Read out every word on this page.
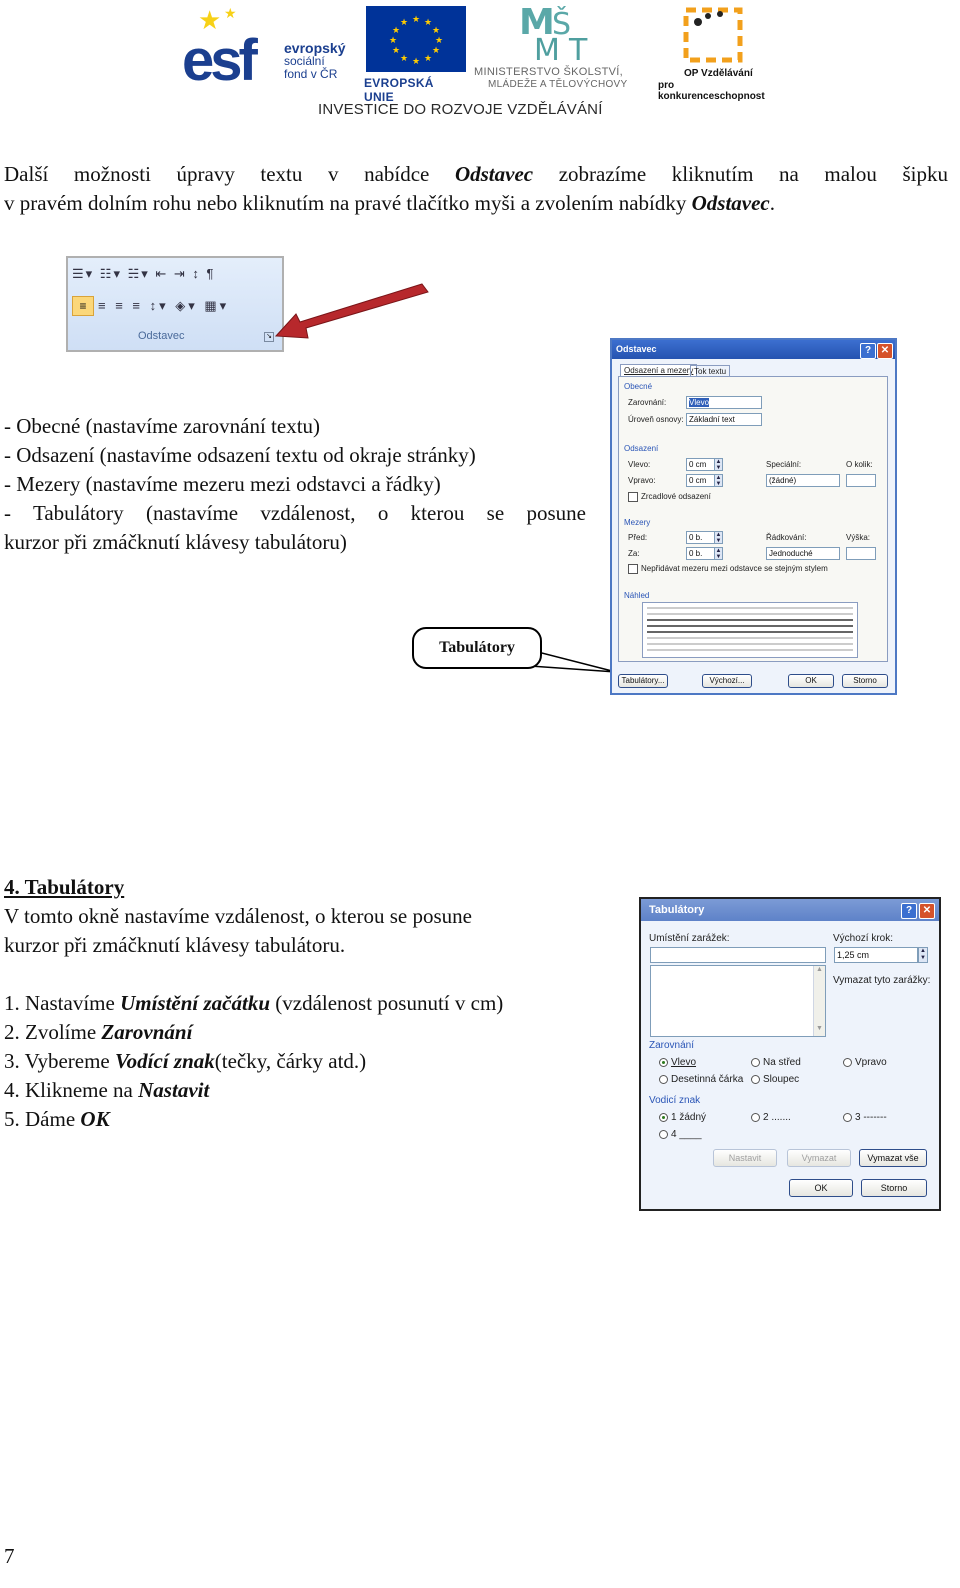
esf
★ ★
evropský
sociální
fond v ČR
★ ★
★
★
★
★
★
★
★
★
★
★
EVROPSKÁ UNIE
M
Š
M T
MINISTERSTVO ŠKOLSTVÍ,
MLÁDEŽE A TĚLOVÝCHOVY
OP Vzdělávání
pro konkurenceschopnost
INVESTICE DO ROZVOJE VZDĚLÁVÁNÍ
Další možnosti úpravy textu v nabídce Odstavec zobrazíme kliknutím na malou šipku
v pravém dolním rohu nebo kliknutím na pravé tlačítko myši a zvolením nabídky Odstavec.
☰▾ ☷▾ ☵▾ ⇤ ⇥ ↕ ¶
≡ ≡ ≡ ≡ ↕▾ ◈▾ ▦▾
Odstavec	↘
- Obecné (nastavíme zarovnání textu)
- Odsazení (nastavíme odsazení textu od okraje stránky)
- Mezery (nastavíme mezeru mezi odstavci a řádky)
- Tabulátory (nastavíme vzdálenost, o kterou se posune
kurzor při zmáčknutí klávesy tabulátoru)
Tabulátory
Odstavec	? ✕
Odsazení a mezery Tok textu
Obecné
Zarovnání:	Vlevo
Úroveň osnovy: Základní text
Odsazení
Vlevo:	0 cm	▲
▼
Vpravo:	0 cm	▲
▼
Speciální:
(žádné)
O kolik:
Zrcadlové odsazení
Mezery
Před:	0 b.	▲
▼
Za:	0 b.	▲
▼
Řádkování:
Jednoduché
Výška:
Nepřidávat mezeru mezi odstavce se stejným stylem
Náhled
Tabulátory...	Výchozí...	OK	Storno
4. Tabulátory
V tomto okně nastavíme vzdálenost, o kterou se posune
kurzor při zmáčknutí klávesy tabulátoru.
1. Nastavíme Umístění začátku (vzdálenost posunutí v cm)
2. Zvolíme Zarovnání
3. Vybereme Vodící znak(tečky, čárky atd.)
4. Klikneme na Nastavit
5. Dáme OK
Tabulátory	?	✕
Umístění zarážek:
▲
▼
Výchozí krok:
1,25 cm	▲
▼
Vymazat tyto zarážky:
Zarovnání
Vlevo	Na střed	Vpravo
Desetinná čárka	Sloupec
Vodicí znak
1 žádný	2 .......	3 -------
4 ____
Nastavit	Vymazat	Vymazat vše
OK	Storno
7
